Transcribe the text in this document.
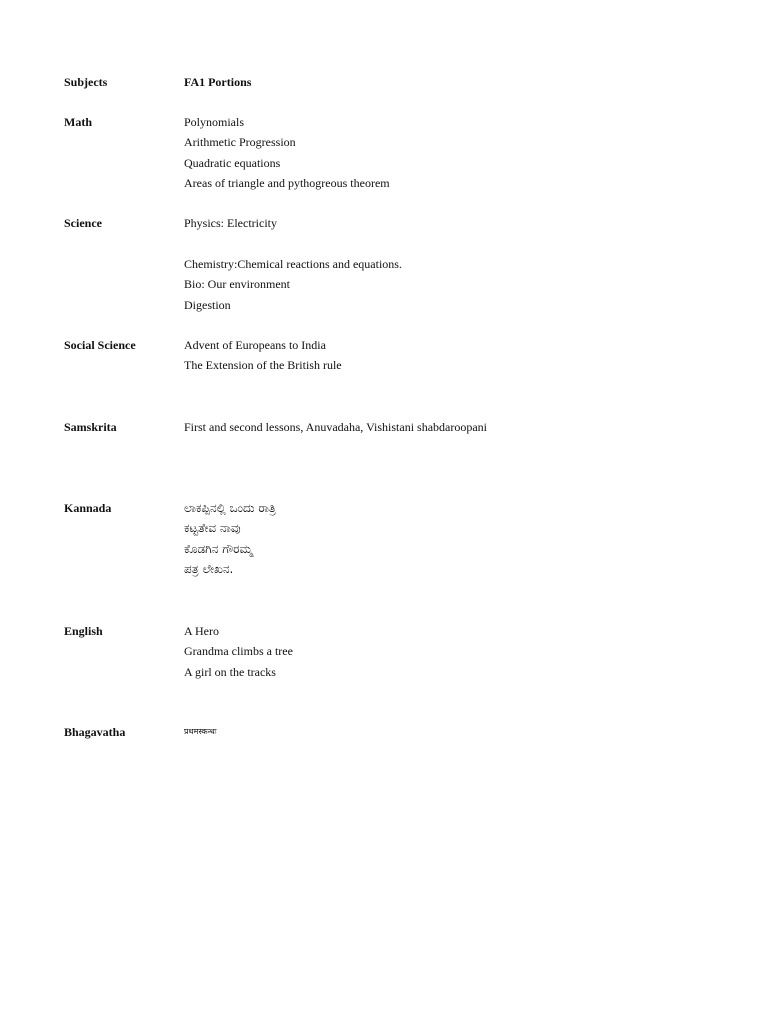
Subjects	FA1 Portions
Math	Polynomials
Arithmetic Progression
Quadratic equations
Areas of triangle and pythogreous theorem
Science	Physics: Electricity
Chemistry:Chemical reactions and equations.
Bio: Our environment
Digestion
Social Science	Advent of Europeans to India
The Extension of the British rule
Samskrita	First and second lessons, Anuvadaha, Vishistani shabdaroopani
Kannada	ಲಾಕಪ್ಪಿನಲ್ಲಿ ಒಂದು ರಾತ್ರಿ
ಕಟ್ಟತೇವ ನಾವು
ಕೊಡಗಿನ ಗೌರಮ್ಮ
ಪತ್ರ ಲೇಖನ.
English	A Hero
Grandma climbs a tree
A girl on the tracks
Bhagavatha	प्रथमस्कन्धः
